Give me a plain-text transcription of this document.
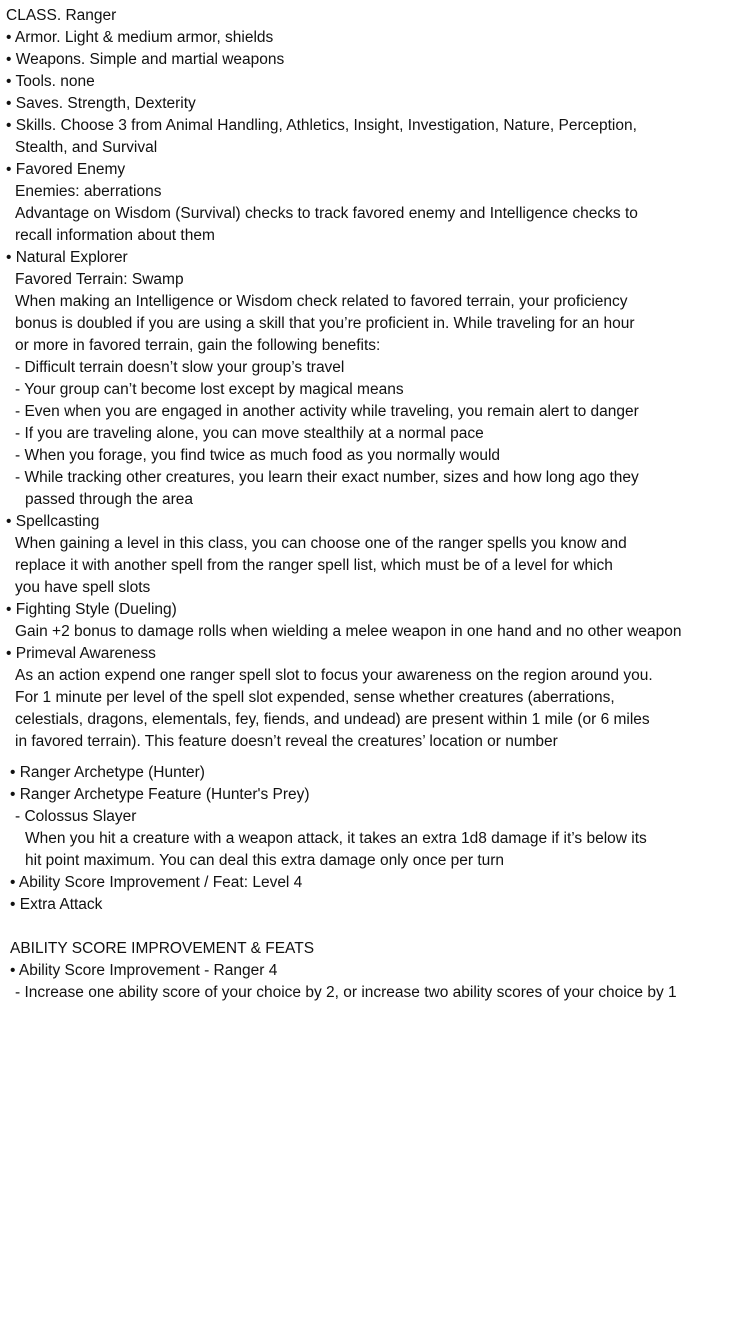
CLASS. Ranger
• Armor. Light & medium armor, shields
• Weapons. Simple and martial weapons
• Tools. none
• Saves. Strength, Dexterity
• Skills. Choose 3 from Animal Handling, Athletics, Insight, Investigation, Nature, Perception,
Stealth, and Survival
• Favored Enemy
Enemies: aberrations
Advantage on Wisdom (Survival) checks to track favored enemy and Intelligence checks to
recall information about them
• Natural Explorer
Favored Terrain: Swamp
When making an Intelligence or Wisdom check related to favored terrain, your proficiency
bonus is doubled if you are using a skill that you’re proficient in. While traveling for an hour
or more in favored terrain, gain the following benefits:
- Difficult terrain doesn’t slow your group’s travel
- Your group can’t become lost except by magical means
- Even when you are engaged in another activity while traveling, you remain alert to danger
- If you are traveling alone, you can move stealthily at a normal pace
- When you forage, you find twice as much food as you normally would
- While tracking other creatures, you learn their exact number, sizes and how long ago they
passed through the area
• Spellcasting
When gaining a level in this class, you can choose one of the ranger spells you know and
replace it with another spell from the ranger spell list, which must be of a level for which
you have spell slots
• Fighting Style (Dueling)
Gain +2 bonus to damage rolls when wielding a melee weapon in one hand and no other weapon
• Primeval Awareness
As an action expend one ranger spell slot to focus your awareness on the region around you.
For 1 minute per level of the spell slot expended, sense whether creatures (aberrations,
celestials, dragons, elementals, fey, fiends, and undead) are present within 1 mile (or 6 miles
in favored terrain). This feature doesn’t reveal the creatures’ location or number
• Ranger Archetype (Hunter)
• Ranger Archetype Feature (Hunter's Prey)
- Colossus Slayer
When you hit a creature with a weapon attack, it takes an extra 1d8 damage if it’s below its
hit point maximum. You can deal this extra damage only once per turn
• Ability Score Improvement / Feat: Level 4
• Extra Attack
ABILITY SCORE IMPROVEMENT & FEATS
• Ability Score Improvement - Ranger 4
- Increase one ability score of your choice by 2, or increase two ability scores of your choice by 1
